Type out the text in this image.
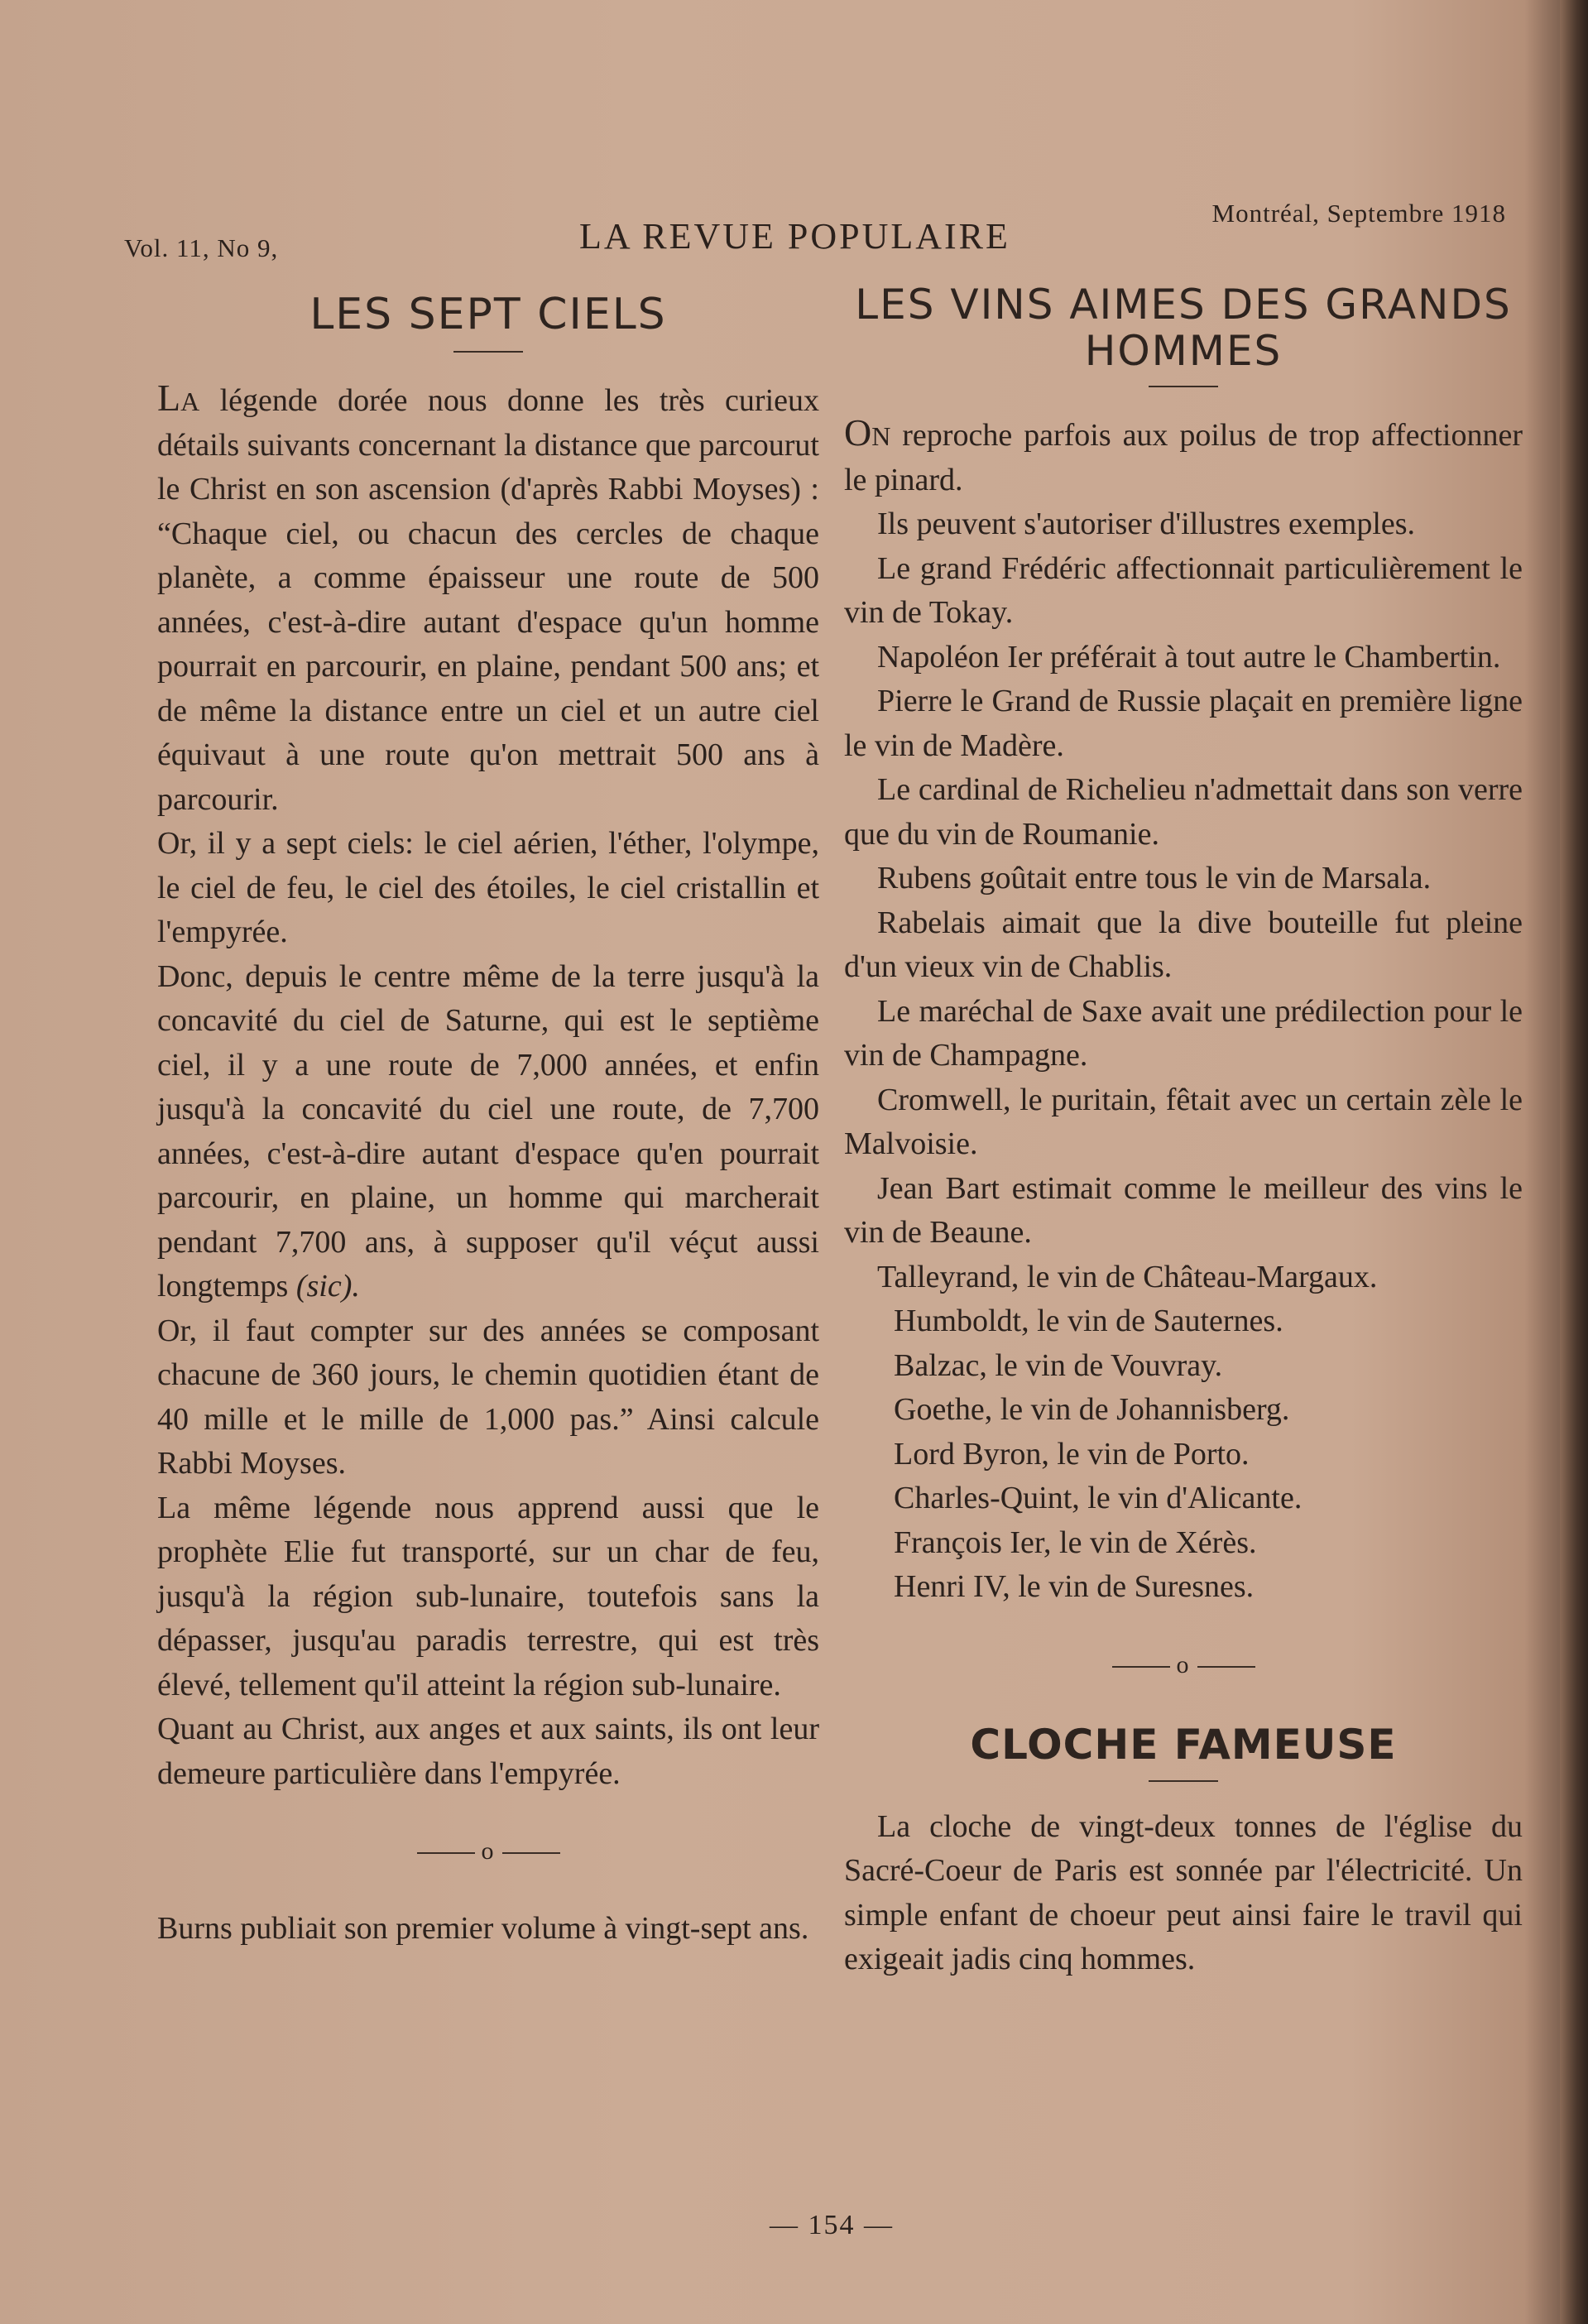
Vol. 11, No 9,	LA REVUE POPULAIRE
Montréal, Septembre 1918
LES SEPT CIELS

La légende dorée nous donne les très curieux détails suivants concernant la distance que parcourut le Christ en son ascension (d'après Rabbi Moyses) : “Chaque ciel, ou chacun des cercles de chaque planète, a comme épaisseur une route de 500 années, c'est-à-dire autant d'espace qu'un homme pourrait en parcourir, en plaine, pendant 500 ans; et de même la distance entre un ciel et un autre ciel équivaut à une route qu'on mettrait 500 ans à parcourir.

Or, il y a sept ciels: le ciel aérien, l'éther, l'olympe, le ciel de feu, le ciel des étoiles, le ciel cristallin et l'empyrée.

Donc, depuis le centre même de la terre jusqu'à la concavité du ciel de Saturne, qui est le septième ciel, il y a une route de 7,000 années, et enfin jusqu'à la concavité du ciel une route, de 7,700 années, c'est-à-dire autant d'espace qu'en pourrait parcourir, en plaine, un homme qui marcherait pendant 7,700 ans, à supposer qu'il véçut aussi longtemps (sic).

Or, il faut compter sur des années se composant chacune de 360 jours, le chemin quotidien étant de 40 mille et le mille de 1,000 pas.” Ainsi calcule Rabbi Moyses.

La même légende nous apprend aussi que le prophète Elie fut transporté, sur un char de feu, jusqu'à la région sub-lunaire, toutefois sans la dépasser, jusqu'au paradis terrestre, qui est très élevé, tellement qu'il atteint la région sub-lunaire.

Quant au Christ, aux anges et aux saints, ils ont leur demeure particulière dans l'empyrée.

o

Burns publiait son premier volume à vingt-sept ans.

LES VINS AIMES DES GRANDS HOMMES

On reproche parfois aux poilus de trop affectionner le pinard.

Ils peuvent s'autoriser d'illustres exemples.

Le grand Frédéric affectionnait particulièrement le vin de Tokay.

Napoléon Ier préférait à tout autre le Chambertin.

Pierre le Grand de Russie plaçait en première ligne le vin de Madère.

Le cardinal de Richelieu n'admettait dans son verre que du vin de Roumanie.

Rubens goûtait entre tous le vin de Marsala.

Rabelais aimait que la dive bouteille fut pleine d'un vieux vin de Chablis.

Le maréchal de Saxe avait une prédilection pour le vin de Champagne.

Cromwell, le puritain, fêtait avec un certain zèle le Malvoisie.

Jean Bart estimait comme le meilleur des vins le vin de Beaune.

Talleyrand, le vin de Château-Margaux.

Humboldt, le vin de Sauternes.

Balzac, le vin de Vouvray.

Goethe, le vin de Johannisberg.

Lord Byron, le vin de Porto.

Charles-Quint, le vin d'Alicante.

François Ier, le vin de Xérès.

Henri IV, le vin de Suresnes.

o
CLOCHE FAMEUSE

La cloche de vingt-deux tonnes de l'église du Sacré-Coeur de Paris est sonnée par l'électricité. Un simple enfant de choeur peut ainsi faire le travil qui exigeait jadis cinq hommes.

— 154 —
